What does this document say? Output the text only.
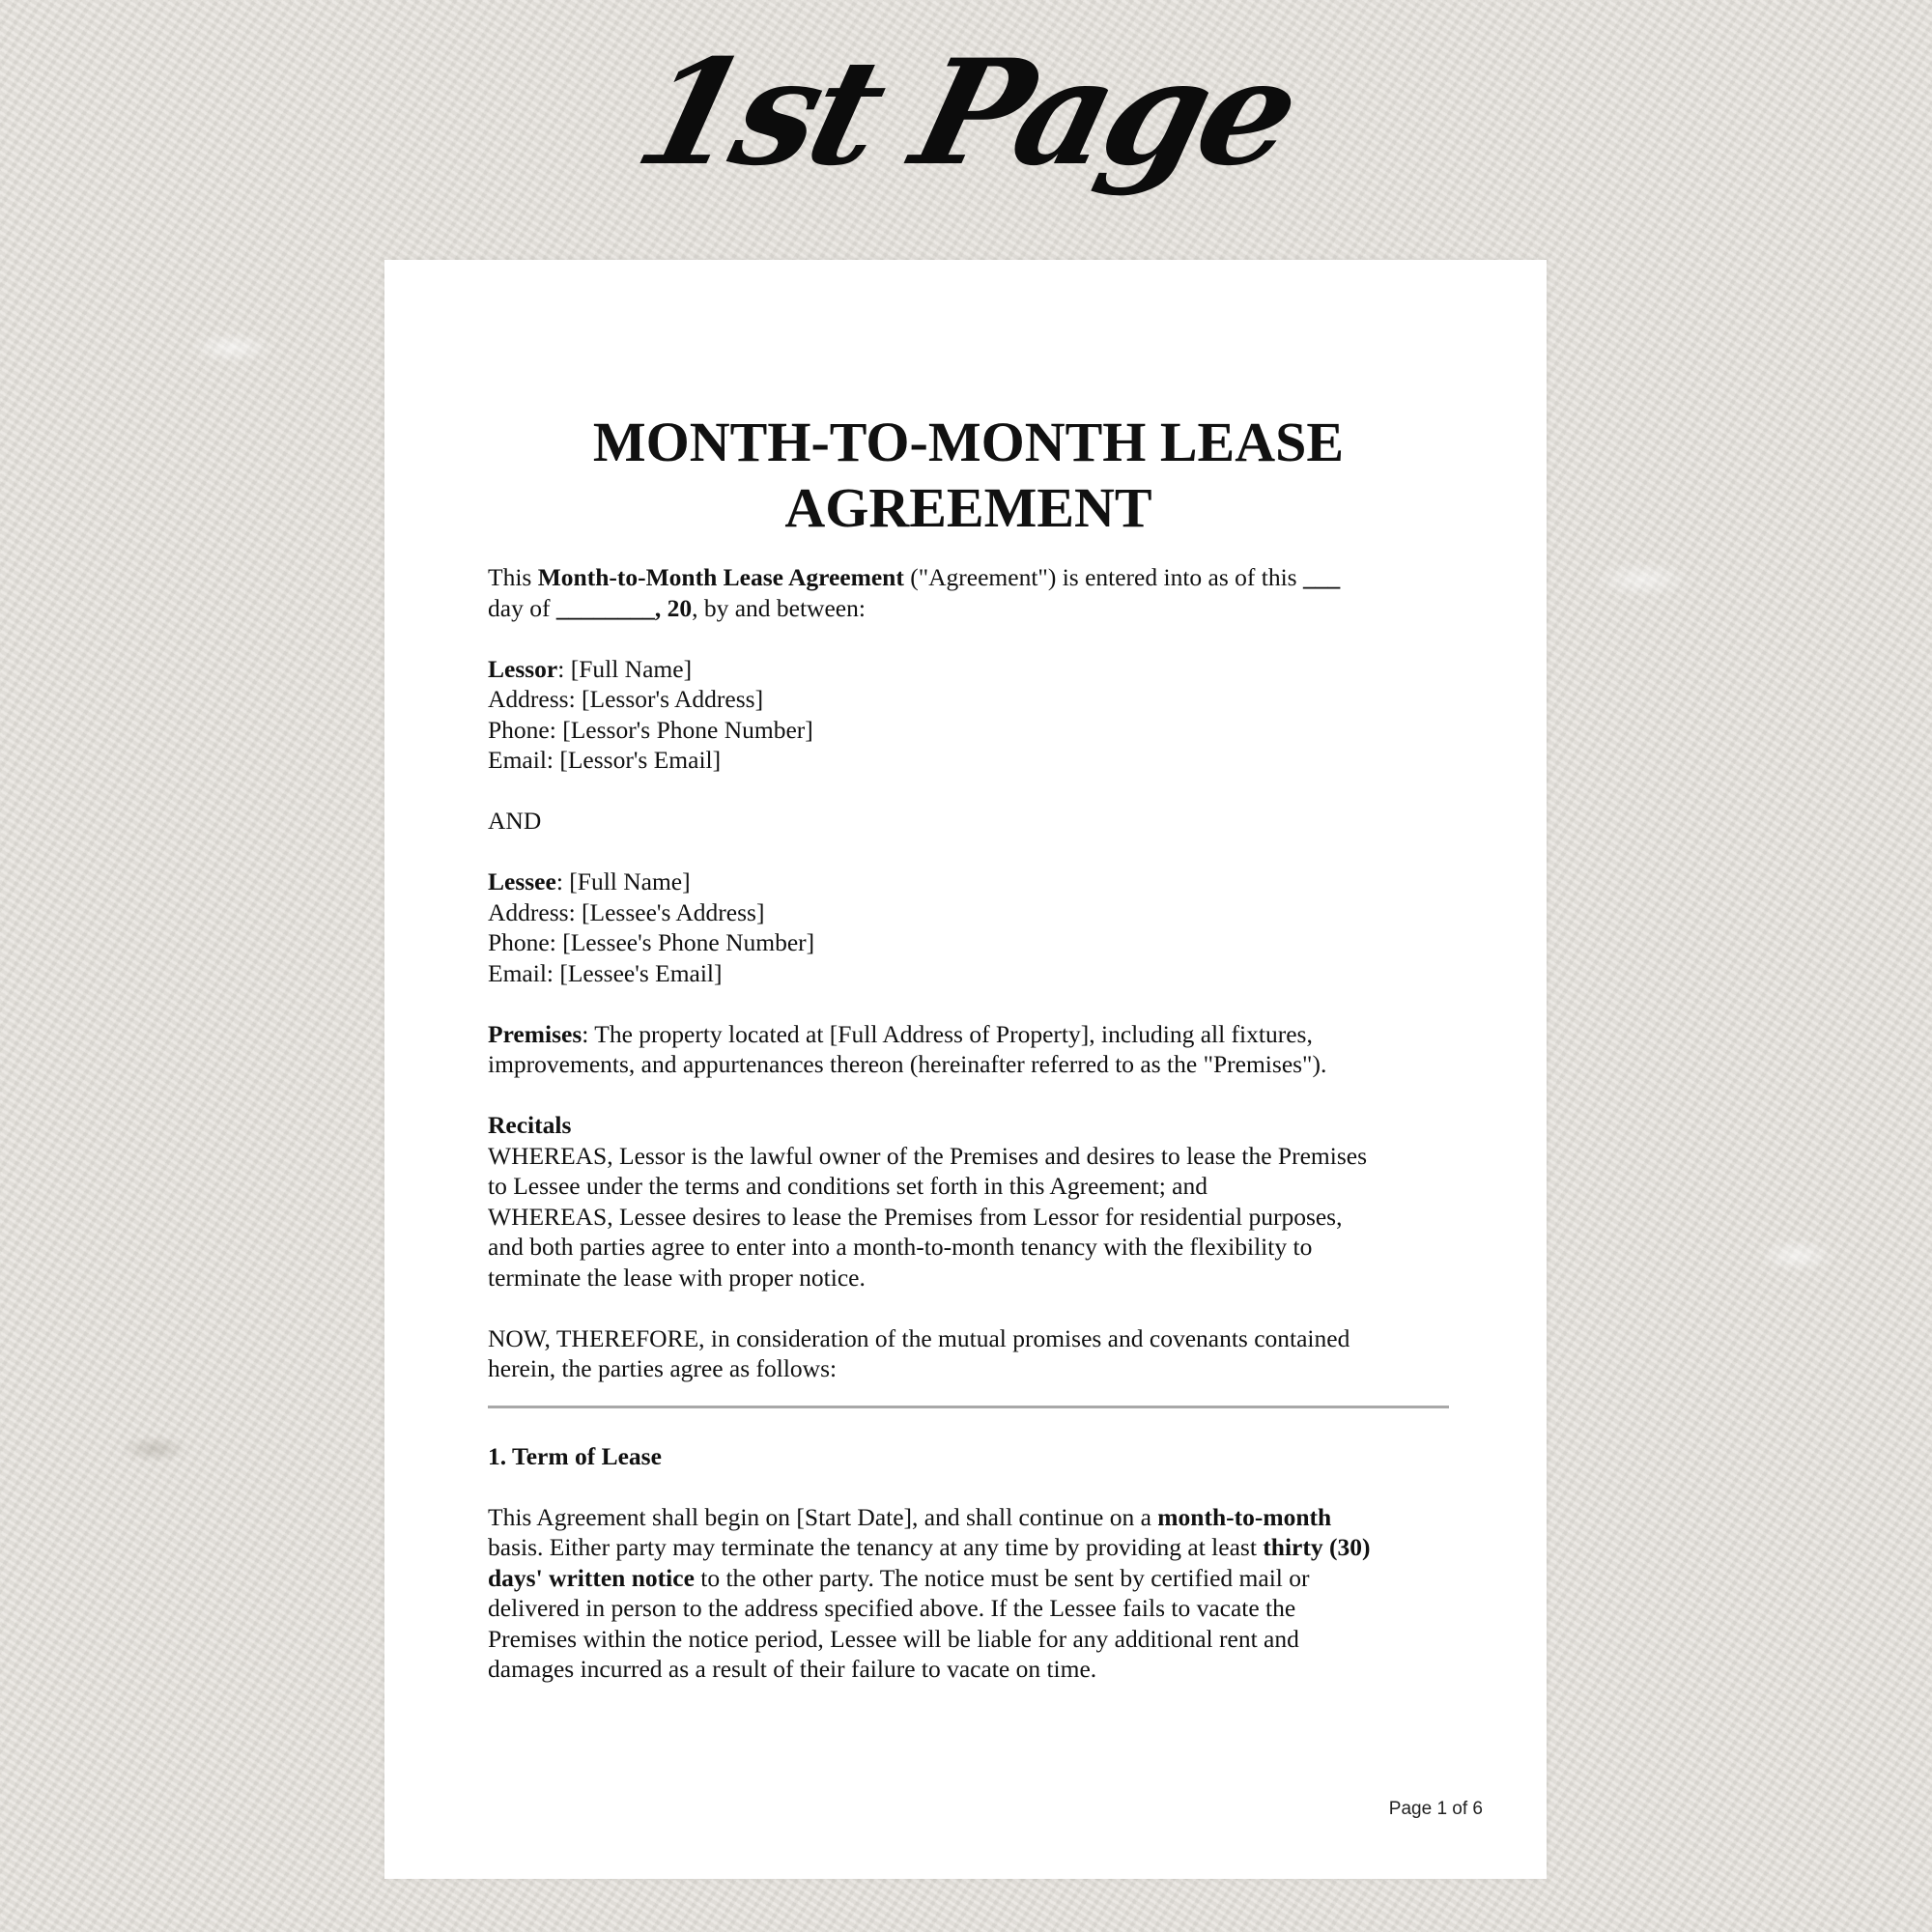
1st Page
MONTH-TO-MONTH LEASE
AGREEMENT
This Month-to-Month Lease Agreement ("Agreement") is entered into as of this ___
day of ________, 20, by and between:
Lessor: [Full Name]
Address: [Lessor's Address]
Phone: [Lessor's Phone Number]
Email: [Lessor's Email]
AND
Lessee: [Full Name]
Address: [Lessee's Address]
Phone: [Lessee's Phone Number]
Email: [Lessee's Email]
Premises: The property located at [Full Address of Property], including all fixtures,
improvements, and appurtenances thereon (hereinafter referred to as the "Premises").
Recitals
WHEREAS, Lessor is the lawful owner of the Premises and desires to lease the Premises
to Lessee under the terms and conditions set forth in this Agreement; and
WHEREAS, Lessee desires to lease the Premises from Lessor for residential purposes,
and both parties agree to enter into a month-to-month tenancy with the flexibility to
terminate the lease with proper notice.
NOW, THEREFORE, in consideration of the mutual promises and covenants contained
herein, the parties agree as follows:
1. Term of Lease
This Agreement shall begin on [Start Date], and shall continue on a month-to-month
basis. Either party may terminate the tenancy at any time by providing at least thirty (30)
days' written notice to the other party. The notice must be sent by certified mail or
delivered in person to the address specified above. If the Lessee fails to vacate the
Premises within the notice period, Lessee will be liable for any additional rent and
damages incurred as a result of their failure to vacate on time.
Page 1 of 6
